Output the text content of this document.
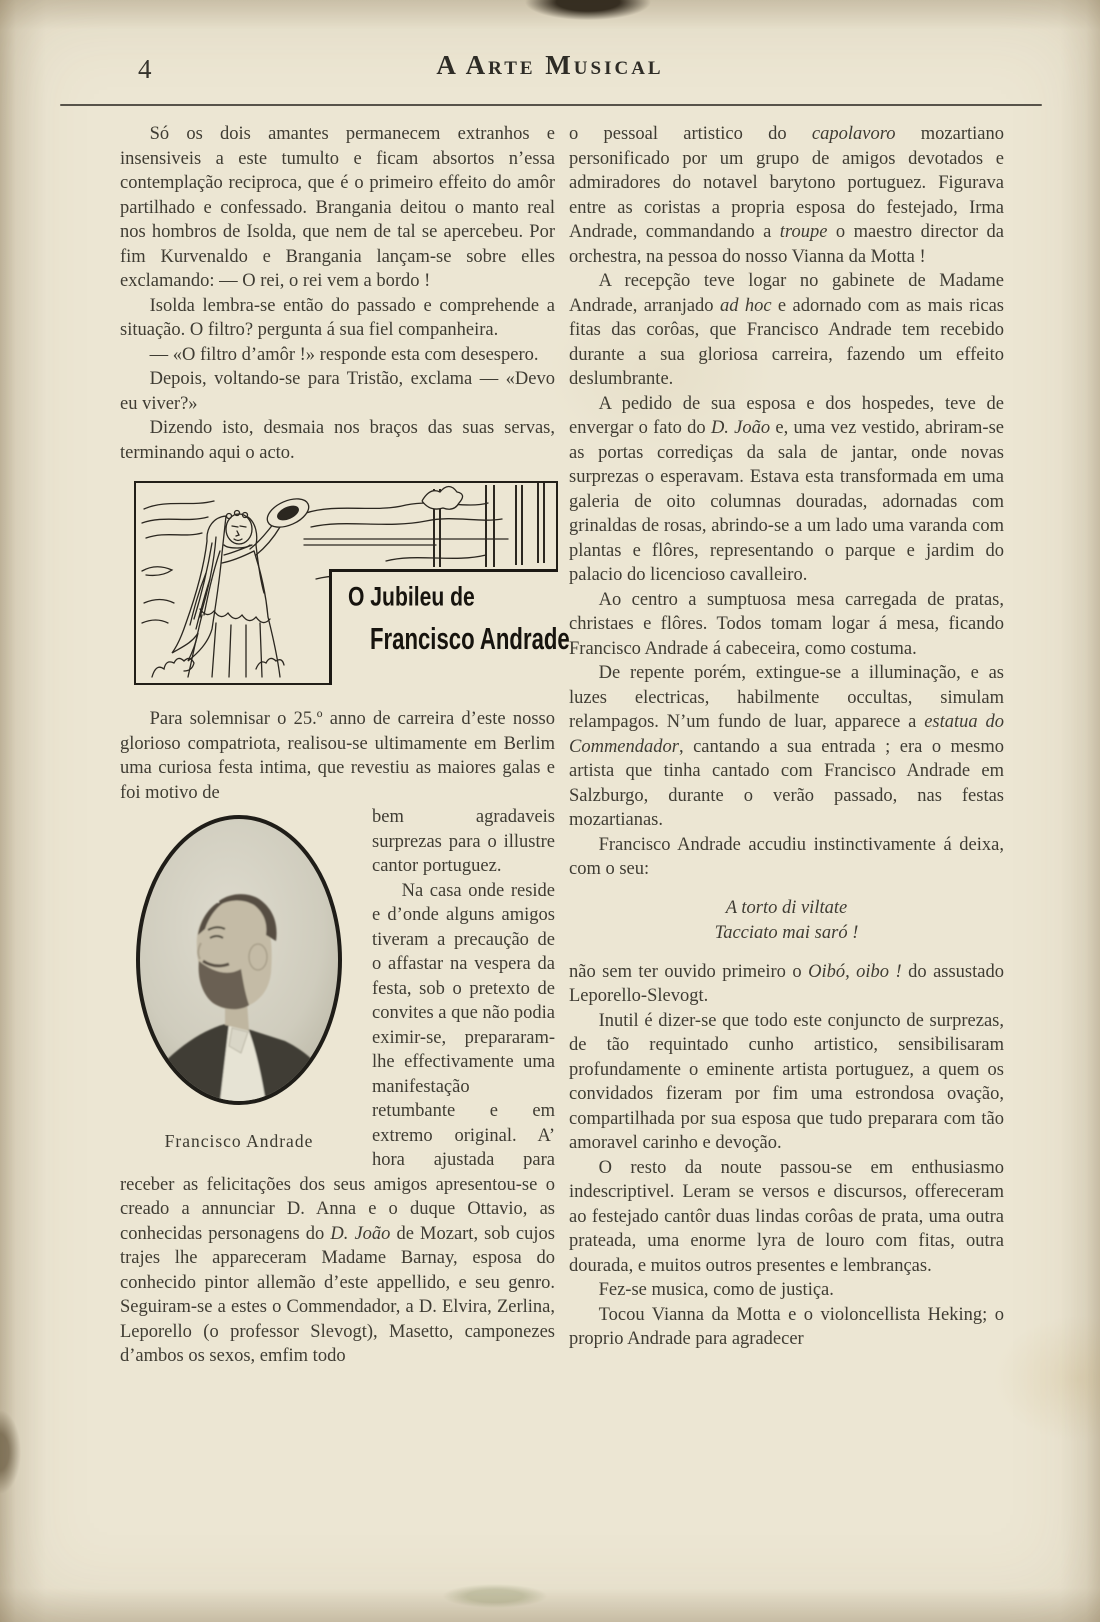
4	A Arte Musical

Só os dois amantes permanecem extranhos e insensiveis a este tumulto e ficam absortos n’essa contemplação reciproca, que é o primeiro effeito do amôr partilhado e confessado. Brangania deitou o manto real nos hombros de Isolda, que nem de tal se apercebeu. Por fim Kurvenaldo e Brangania lançam-se sobre elles exclamando: — O rei, o rei vem a bordo !

Isolda lembra-se então do passado e comprehende a situação. O filtro? pergunta á sua fiel companheira.

— «O filtro d’amôr !» responde esta com desespero.

Depois, voltando-se para Tristão, exclama — «Devo eu viver?»

Dizendo isto, desmaia nos braços das suas servas, terminando aqui o acto.

O Jubileu de
Francisco Andrade

Para solemnisar o 25.º anno de carreira d’este nosso glorioso compatriota, realisou-se ultimamente em Berlim uma curiosa festa intima, que revestiu as maiores galas e foi motivo de

Francisco Andrade

bem agradaveis surprezas para o illustre cantor portuguez.

Na casa onde reside e d’onde alguns amigos tiveram a precaução de o affastar na vespera da festa, sob o pretexto de convites a que não podia eximir-se, prepararam-lhe effectivamente uma manifestação retumbante e em extremo original. A’ hora ajustada para receber as felicitações dos seus amigos apresentou-se o creado a annunciar D. Anna e o duque Ottavio, as conhecidas personagens do D. João de Mozart, sob cujos trajes lhe appareceram Madame Barnay, esposa do conhecido pintor allemão d’este appellido, e seu genro. Seguiram-se a estes o Commendador, a D. Elvira, Zerlina, Leporello (o professor Slevogt), Masetto, camponezes d’ambos os sexos, emfim todo

o pessoal artistico do capolavoro mozartiano personificado por um grupo de amigos devotados e admiradores do notavel barytono portuguez. Figurava entre as coristas a propria esposa do festejado, Irma Andrade, commandando a troupe o maestro director da orchestra, na pessoa do nosso Vianna da Motta !

A recepção teve logar no gabinete de Madame Andrade, arranjado ad hoc e adornado com as mais ricas fitas das corôas, que Francisco Andrade tem recebido durante a sua gloriosa carreira, fazendo um effeito deslumbrante.

A pedido de sua esposa e dos hospedes, teve de envergar o fato do D. João e, uma vez vestido, abriram-se as portas corrediças da sala de jantar, onde novas surprezas o esperavam. Estava esta transformada em uma galeria de oito columnas douradas, adornadas com grinaldas de rosas, abrindo-se a um lado uma varanda com plantas e flôres, representando o parque e jardim do palacio do licencioso cavalleiro.

Ao centro a sumptuosa mesa carregada de pratas, christaes e flôres. Todos tomam logar á mesa, ficando Francisco Andrade á cabeceira, como costuma.

De repente porém, extingue-se a illuminação, e as luzes electricas, habilmente occultas, simulam relampagos. N’um fundo de luar, apparece a estatua do Commendador, cantando a sua entrada ; era o mesmo artista que tinha cantado com Francisco Andrade em Salzburgo, durante o verão passado, nas festas mozartianas.

Francisco Andrade accudiu instinctivamente á deixa, com o seu:

A torto di viltate
Tacciato mai saró !

não sem ter ouvido primeiro o Oibó, oibo ! do assustado Leporello-Slevogt.

Inutil é dizer-se que todo este conjuncto de surprezas, de tão requintado cunho artistico, sensibilisaram profundamente o eminente artista portuguez, a quem os convidados fizeram por fim uma estrondosa ovação, compartilhada por sua esposa que tudo preparara com tão amoravel carinho e devoção.

O resto da noute passou-se em enthusiasmo indescriptivel. Leram se versos e discursos, offereceram ao festejado cantôr duas lindas corôas de prata, uma outra prateada, uma enorme lyra de louro com fitas, outra dourada, e muitos outros presentes e lembranças.

Fez-se musica, como de justiça.

Tocou Vianna da Motta e o violoncellista Heking; o proprio Andrade para agradecer
